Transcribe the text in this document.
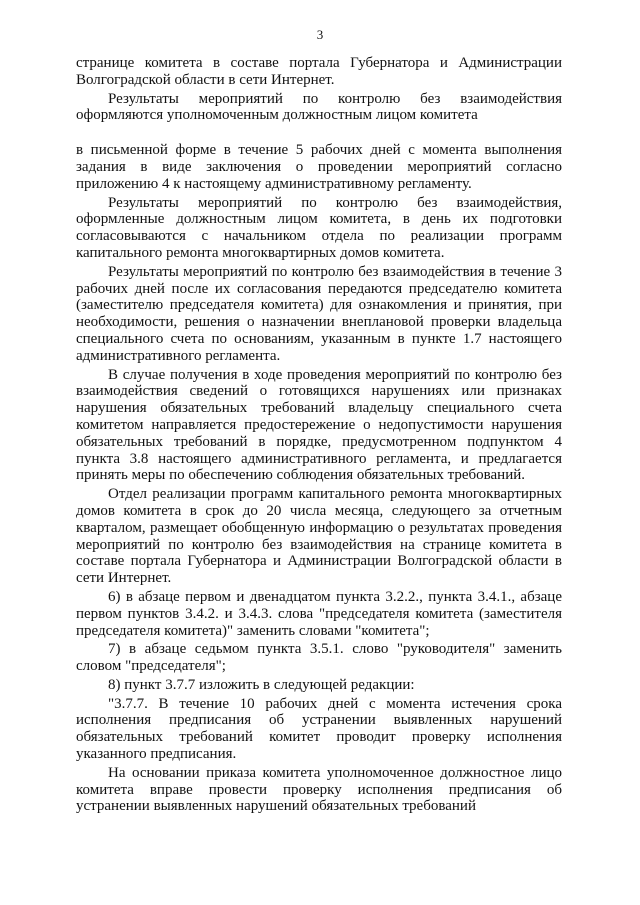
3

странице комитета в составе портала Губернатора и Администрации Волгоградской области в сети Интернет.

Результаты мероприятий по контролю без взаимодействия оформляются уполномоченным должностным лицом комитета

в письменной форме в течение 5 рабочих дней с момента выполнения задания в виде заключения о проведении мероприятий согласно приложению 4 к настоящему административному регламенту.

Результаты мероприятий по контролю без взаимодействия, оформленные должностным лицом комитета, в день их подготовки согласовываются с начальником отдела по реализации программ капитального ремонта многоквартирных домов комитета.

Результаты мероприятий по контролю без взаимодействия в течение 3 рабочих дней после их согласования передаются председателю комитета (заместителю председателя комитета) для ознакомления и принятия, при необходимости, решения о назначении внеплановой проверки владельца специального счета по основаниям, указанным в пункте 1.7 настоящего административного регламента.

В случае получения в ходе проведения мероприятий по контролю без взаимодействия сведений о готовящихся нарушениях или признаках нарушения обязательных требований владельцу специального счета комитетом направляется предостережение о недопустимости нарушения обязательных требований в порядке, предусмотренном подпунктом 4 пункта 3.8 настоящего административного регламента, и предлагается принять меры по обеспечению соблюдения обязательных требований.

Отдел реализации программ капитального ремонта многоквартирных домов комитета в срок до 20 числа месяца, следующего за отчетным кварталом, размещает обобщенную информацию о результатах проведения мероприятий по контролю без взаимодействия на странице комитета в составе портала Губернатора и Администрации Волгоградской области в сети Интернет.

6) в абзаце первом и двенадцатом пункта 3.2.2., пункта 3.4.1., абзаце первом пунктов 3.4.2. и 3.4.3. слова "председателя комитета (заместителя председателя комитета)" заменить словами "комитета";

7) в абзаце седьмом пункта 3.5.1. слово "руководителя" заменить словом "председателя";

8) пункт 3.7.7 изложить в следующей редакции:

"3.7.7. В течение 10 рабочих дней с момента истечения срока исполнения предписания об устранении выявленных нарушений обязательных требований комитет проводит проверку исполнения указанного предписания.

На основании приказа комитета уполномоченное должностное лицо комитета вправе провести проверку исполнения предписания об устранении выявленных нарушений обязательных требований
